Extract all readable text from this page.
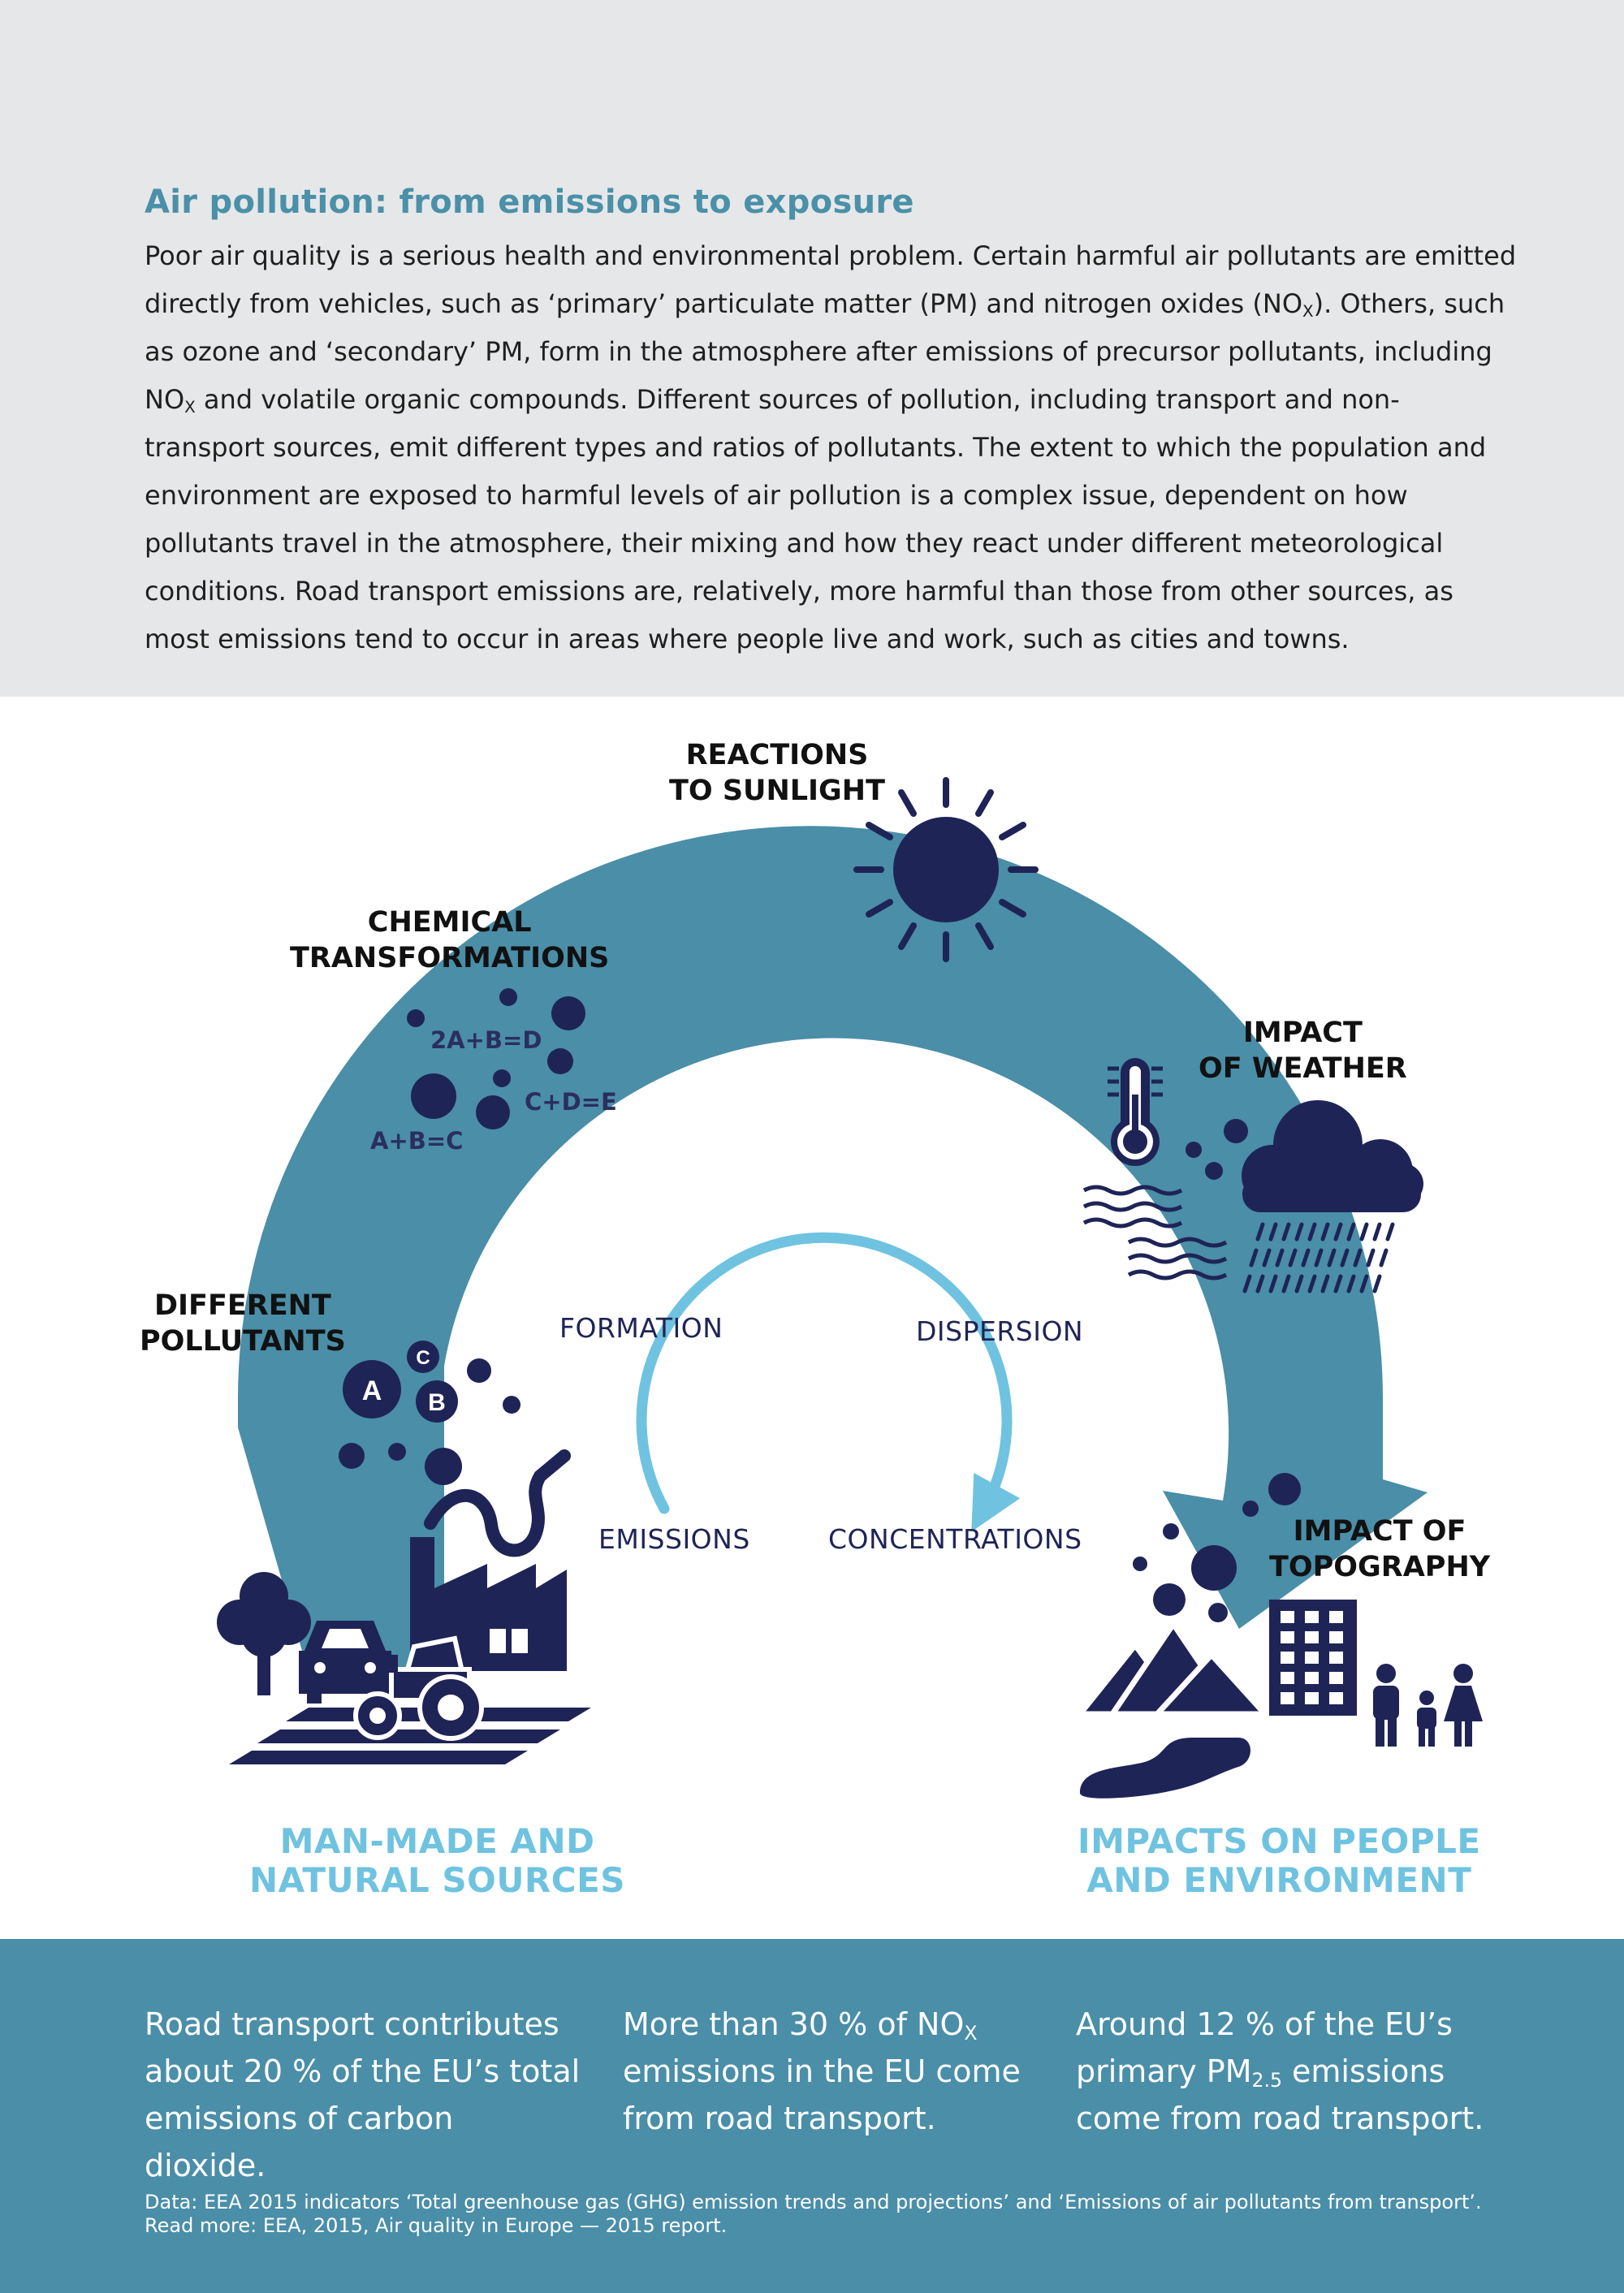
Air pollution: from emissions to exposure

Poor air quality is a serious health and environmental problem. Certain harmful air pollutants are emitted directly from vehicles, such as ‘primary’ particulate matter (PM) and nitrogen oxides $(NO_X)$. Others, such as ozone and ‘secondary’ PM, form in the atmosphere after emissions of precursor pollutants, including $NO_X$ and volatile organic compounds. Different sources of pollution, including transport and non-transport sources, emit different types and ratios of pollutants. The extent to which the population and environment are exposed to harmful levels of air pollution is a complex issue, dependent on how pollutants travel in the atmosphere, their mixing and how they react under different meteorological conditions. Road transport emissions are, relatively, more harmful than those from other sources, as most emissions tend to occur in areas where people live and work, such as cities and towns.

A B
C
REACTIONS
TO SUNLIGHT
CHEMICAL
TRANSFORMATIONS
IMPACT
OF WEATHER
DIFFERENT
POLLUTANTS
IMPACT OF
TOPOGRAPHY
2A+B=D
C+D=E
A+B=C
FORMATION	DISPERSION
EMISSIONS	CONCENTRATIONS
MAN-MADE AND
NATURAL SOURCES
IMPACTS ON PEOPLE
AND ENVIRONMENT

Road transport contributes about 20 % of the EU’s total emissions of carbon dioxide.

More than 30 % of $NO_X$ emissions in the EU come from road transport.

Around 12 % of the EU’s primary $PM_{2.5}$ emissions come from road transport.

Data: EEA 2015 indicators ‘Total greenhouse gas (GHG) emission trends and projections’ and ‘Emissions of air pollutants from transport’.
Read more: EEA, 2015, Air quality in Europe — 2015 report.
